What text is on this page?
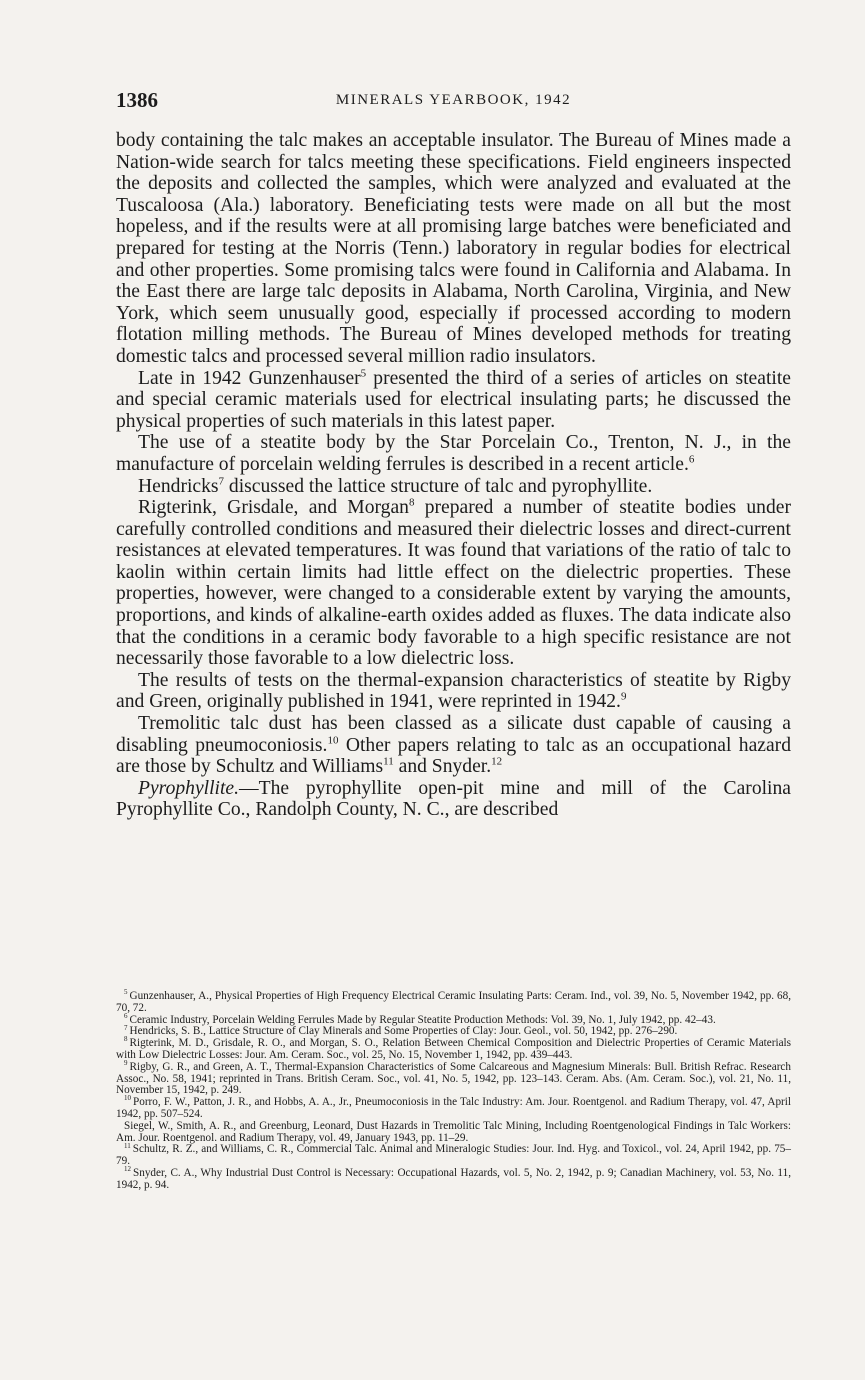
1386	MINERALS YEARBOOK, 1942

body containing the talc makes an acceptable insulator. The Bureau of Mines made a Nation-wide search for talcs meeting these specifications. Field engineers inspected the deposits and collected the samples, which were analyzed and evaluated at the Tuscaloosa (Ala.) laboratory. Beneficiating tests were made on all but the most hopeless, and if the results were at all promising large batches were beneficiated and prepared for testing at the Norris (Tenn.) laboratory in regular bodies for electrical and other properties. Some promising talcs were found in California and Alabama. In the East there are large talc deposits in Alabama, North Carolina, Virginia, and New York, which seem unusually good, especially if processed according to modern flotation milling methods. The Bureau of Mines developed methods for treating domestic talcs and processed several million radio insulators.

Late in 1942 Gunzenhauser$^5$ presented the third of a series of articles on steatite and special ceramic materials used for electrical insulating parts; he discussed the physical properties of such materials in this latest paper.

The use of a steatite body by the Star Porcelain Co., Trenton, N. J., in the manufacture of porcelain welding ferrules is described in a recent article.$^6$

Hendricks$^7$ discussed the lattice structure of talc and pyrophyllite.

Rigterink, Grisdale, and Morgan$^8$ prepared a number of steatite bodies under carefully controlled conditions and measured their dielectric losses and direct-current resistances at elevated temperatures. It was found that variations of the ratio of talc to kaolin within certain limits had little effect on the dielectric properties. These properties, however, were changed to a considerable extent by varying the amounts, proportions, and kinds of alkaline-earth oxides added as fluxes. The data indicate also that the conditions in a ceramic body favorable to a high specific resistance are not necessarily those favorable to a low dielectric loss.

The results of tests on the thermal-expansion characteristics of steatite by Rigby and Green, originally published in 1941, were reprinted in 1942.$^9$

Tremolitic talc dust has been classed as a silicate dust capable of causing a disabling pneumoconiosis.$^{10}$ Other papers relating to talc as an occupational hazard are those by Schultz and Williams$^{11}$ and Snyder.$^{12}$

Pyrophyllite.—The pyrophyllite open-pit mine and mill of the Carolina Pyrophyllite Co., Randolph County, N. C., are described

$^5$ Gunzenhauser, A., Physical Properties of High Frequency Electrical Ceramic Insulating Parts: Ceram. Ind., vol. 39, No. 5, November 1942, pp. 68, 70, 72.

$^6$ Ceramic Industry, Porcelain Welding Ferrules Made by Regular Steatite Production Methods: Vol. 39, No. 1, July 1942, pp. 42–43.

$^7$ Hendricks, S. B., Lattice Structure of Clay Minerals and Some Properties of Clay: Jour. Geol., vol. 50, 1942, pp. 276–290.

$^8$ Rigterink, M. D., Grisdale, R. O., and Morgan, S. O., Relation Between Chemical Composition and Dielectric Properties of Ceramic Materials with Low Dielectric Losses: Jour. Am. Ceram. Soc., vol. 25, No. 15, November 1, 1942, pp. 439–443.

$^9$ Rigby, G. R., and Green, A. T., Thermal-Expansion Characteristics of Some Calcareous and Magnesium Minerals: Bull. British Refrac. Research Assoc., No. 58, 1941; reprinted in Trans. British Ceram. Soc., vol. 41, No. 5, 1942, pp. 123–143. Ceram. Abs. (Am. Ceram. Soc.), vol. 21, No. 11, November 15, 1942, p. 249.

$^{10}$ Porro, F. W., Patton, J. R., and Hobbs, A. A., Jr., Pneumoconiosis in the Talc Industry: Am. Jour. Roentgenol. and Radium Therapy, vol. 47, April 1942, pp. 507–524.

Siegel, W., Smith, A. R., and Greenburg, Leonard, Dust Hazards in Tremolitic Talc Mining, Including Roentgenological Findings in Talc Workers: Am. Jour. Roentgenol. and Radium Therapy, vol. 49, January 1943, pp. 11–29.

$^{11}$ Schultz, R. Z., and Williams, C. R., Commercial Talc. Animal and Mineralogic Studies: Jour. Ind. Hyg. and Toxicol., vol. 24, April 1942, pp. 75–79.

$^{12}$ Snyder, C. A., Why Industrial Dust Control is Necessary: Occupational Hazards, vol. 5, No. 2, 1942, p. 9; Canadian Machinery, vol. 53, No. 11, 1942, p. 94.
